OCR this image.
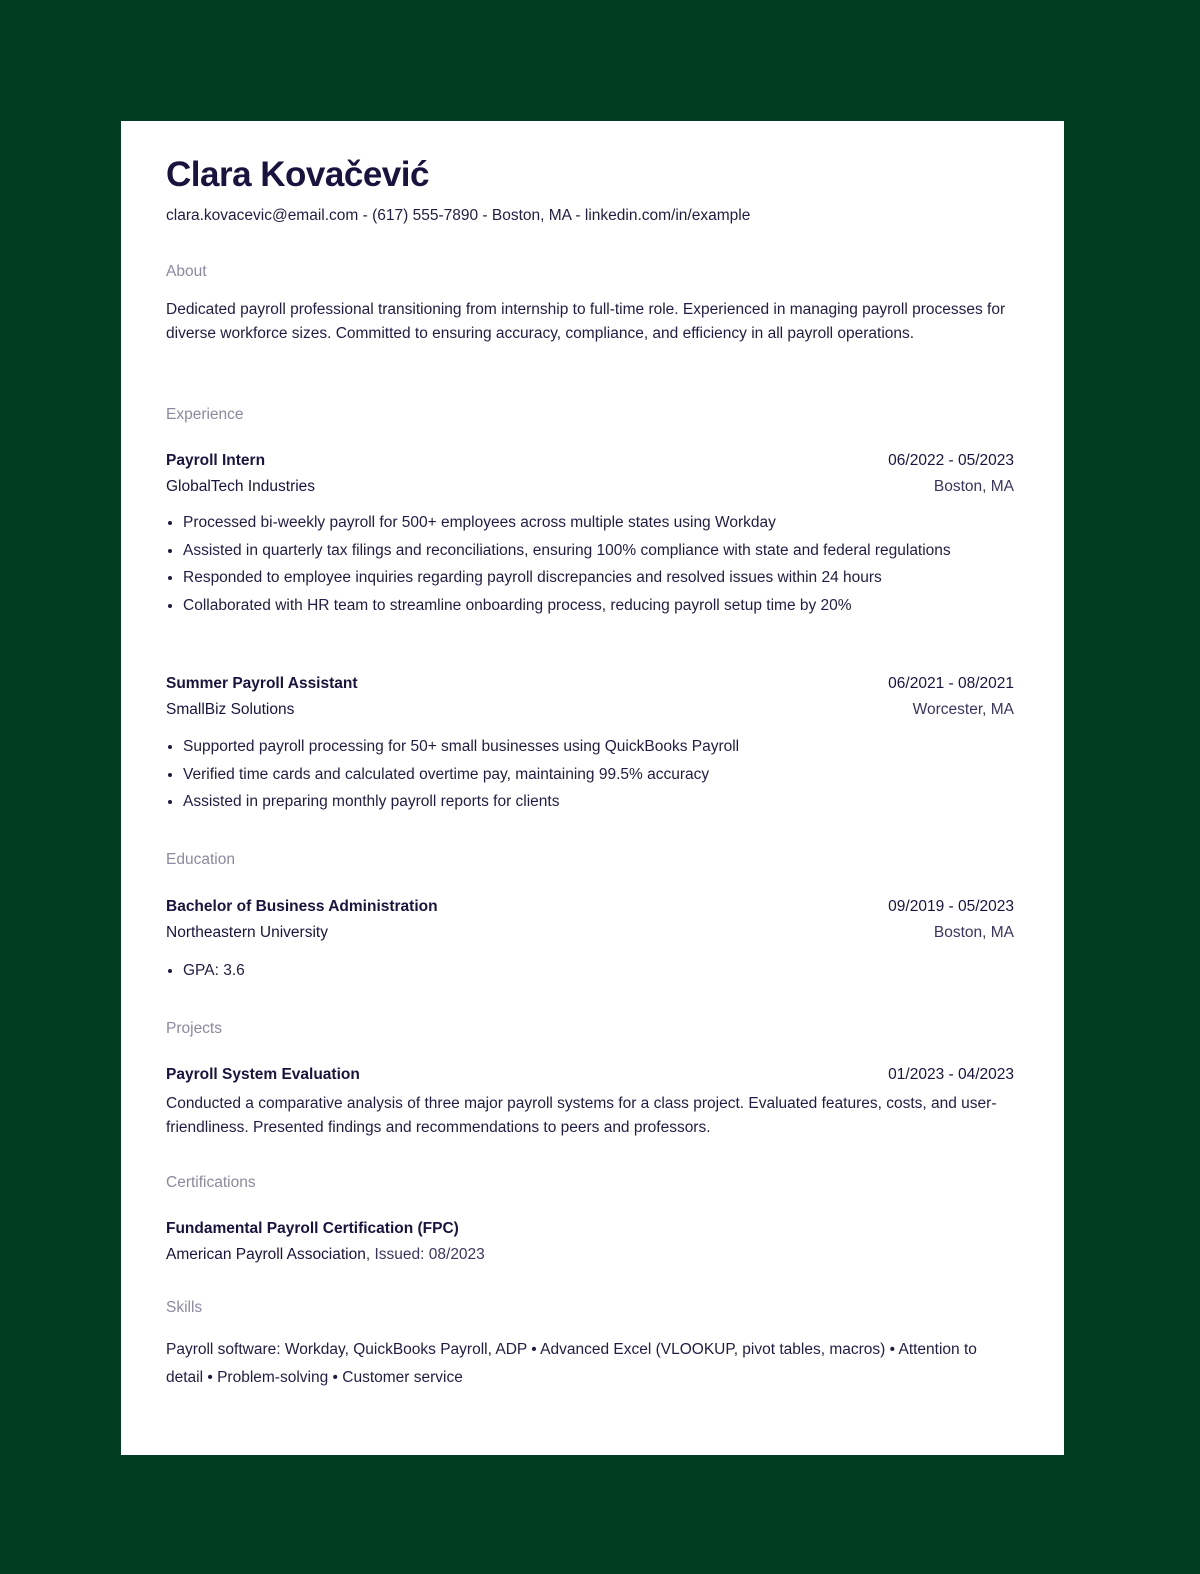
Clara Kovačević
clara.kovacevic@email.com - (617) 555-7890 - Boston, MA - linkedin.com/in/example
About
Dedicated payroll professional transitioning from internship to full-time role. Experienced in managing payroll processes for diverse workforce sizes. Committed to ensuring accuracy, compliance, and efficiency in all payroll operations.
Experience
Payroll Intern	06/2022 - 05/2023
GlobalTech Industries	Boston, MA
• Processed bi-weekly payroll for 500+ employees across multiple states using Workday
• Assisted in quarterly tax filings and reconciliations, ensuring 100% compliance with state and federal regulations
• Responded to employee inquiries regarding payroll discrepancies and resolved issues within 24 hours
• Collaborated with HR team to streamline onboarding process, reducing payroll setup time by 20%
Summer Payroll Assistant	06/2021 - 08/2021
SmallBiz Solutions	Worcester, MA
• Supported payroll processing for 50+ small businesses using QuickBooks Payroll
• Verified time cards and calculated overtime pay, maintaining 99.5% accuracy
• Assisted in preparing monthly payroll reports for clients
Education
Bachelor of Business Administration	09/2019 - 05/2023
Northeastern University	Boston, MA
• GPA: 3.6
Projects
Payroll System Evaluation	01/2023 - 04/2023
Conducted a comparative analysis of three major payroll systems for a class project. Evaluated features, costs, and user-friendliness. Presented findings and recommendations to peers and professors.
Certifications
Fundamental Payroll Certification (FPC)
American Payroll Association, Issued: 08/2023
Skills
Payroll software: Workday, QuickBooks Payroll, ADP • Advanced Excel (VLOOKUP, pivot tables, macros) • Attention to detail • Problem-solving • Customer service
